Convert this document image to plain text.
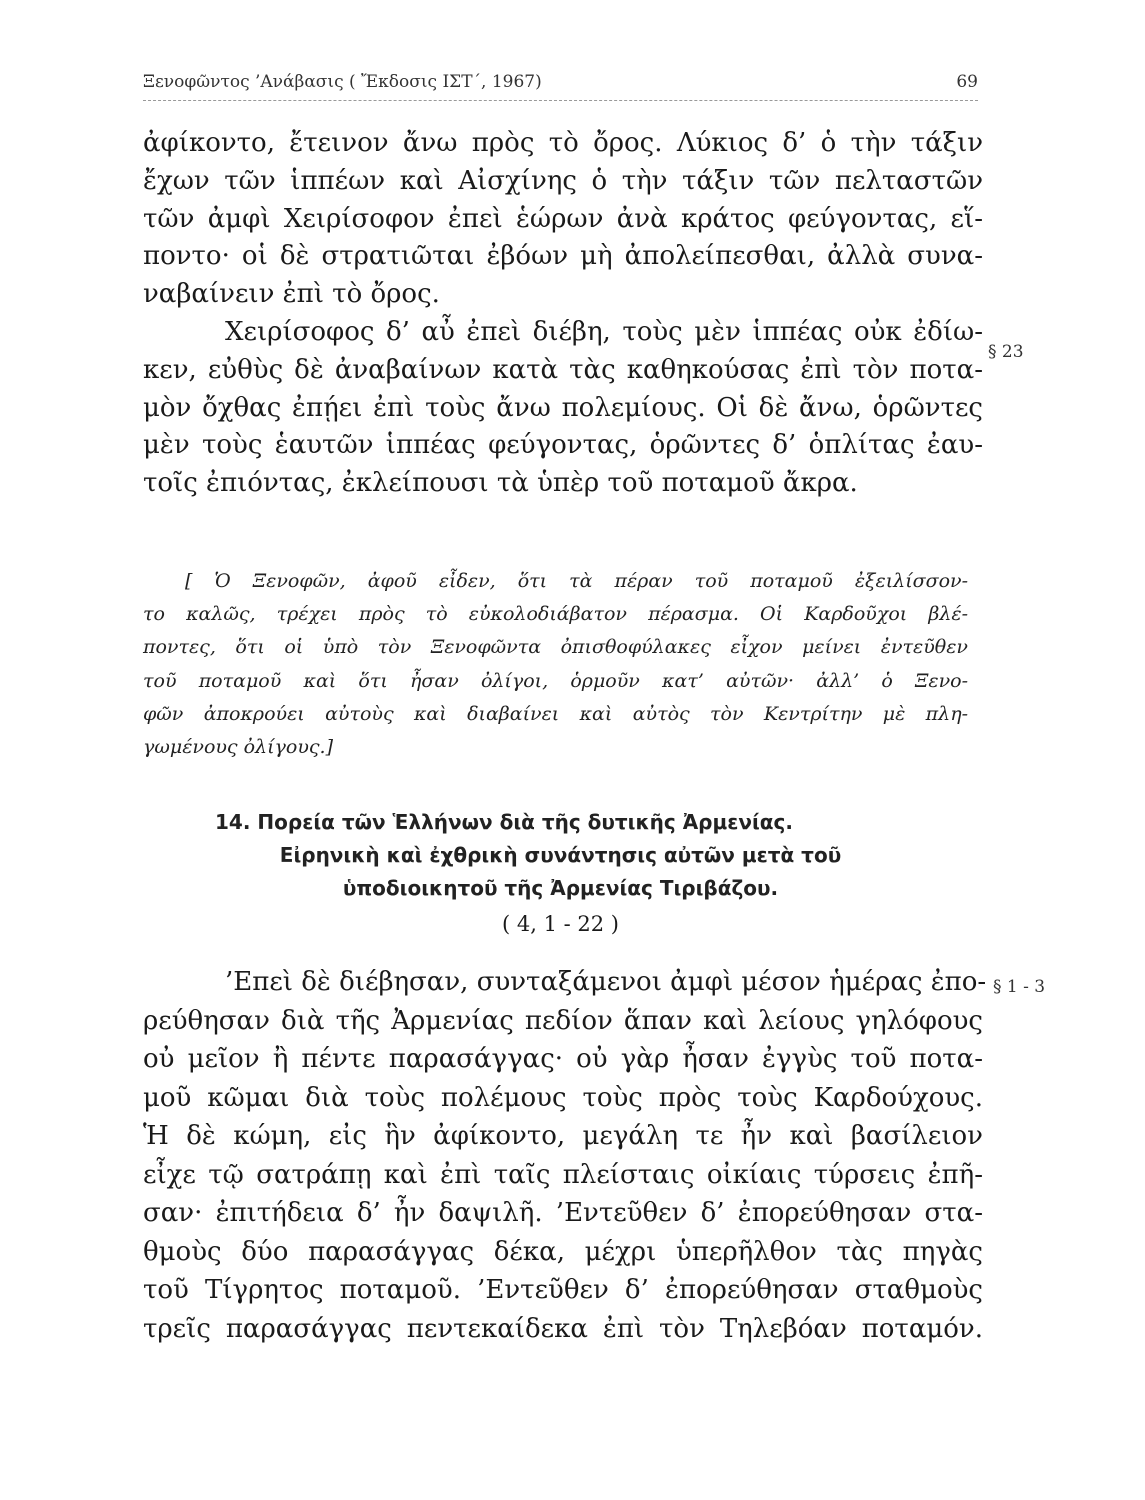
Ξενοφῶντος ’Ανάβασις ( Ἔκδοσις ΙΣΤ΄, 1967)	69

ἀφίκοντο, ἔτεινον ἄνω πρὸς τὸ ὄρος. Λύκιος δ’ ὁ τὴν τάξιν
ἔχων τῶν ἱππέων καὶ Αἰσχίνης ὁ τὴν τάξιν τῶν πελταστῶν
τῶν ἀμφὶ Χειρίσοφον ἐπεὶ ἑώρων ἀνὰ κράτος φεύγοντας, εἵ-
ποντο· οἱ δὲ στρατιῶται ἐβόων μὴ ἀπολείπεσθαι, ἀλλὰ συνα-
ναβαίνειν ἐπὶ τὸ ὄρος.

Χειρίσοφος δ’ αὖ ἐπεὶ διέβη, τοὺς μὲν ἱππέας οὐκ ἐδίω-
κεν, εὐθὺς δὲ ἀναβαίνων κατὰ τὰς καθηκούσας ἐπὶ τὸν ποτα-
μὸν ὄχθας ἐπῄει ἐπὶ τοὺς ἄνω πολεμίους. Οἱ δὲ ἄνω, ὁρῶντες
μὲν τοὺς ἑαυτῶν ἱππέας φεύγοντας, ὁρῶντες δ’ ὁπλίτας ἐαυ-
τοῖς ἐπιόντας, ἐκλείπουσι τὰ ὑπὲρ τοῦ ποταμοῦ ἄκρα.

§ 23
[ Ὁ Ξενοφῶν, ἀφοῦ εἶδεν, ὅτι τὰ πέραν τοῦ ποταμοῦ ἐξειλίσσον-
το καλῶς, τρέχει πρὸς τὸ εὐκολοδιάβατον πέρασμα. Οἱ Καρδοῦχοι βλέ-
ποντες, ὅτι οἱ ὑπὸ τὸν Ξενοφῶντα ὀπισθοφύλακες εἶχον μείνει ἐντεῦθεν
τοῦ ποταμοῦ καὶ ὅτι ἦσαν ὀλίγοι, ὁρμοῦν κατ’ αὐτῶν· ἀλλ’ ὁ Ξενο-
φῶν ἀποκρούει αὐτοὺς καὶ διαβαίνει καὶ αὐτὸς τὸν Κεντρίτην μὲ πλη-
γωμένους ὀλίγους.]
14. Πορεία τῶν Ἑλλήνων διὰ τῆς δυτικῆς Ἀρμενίας.
Εἰρηνικὴ καὶ ἐχθρικὴ συνάντησις αὐτῶν μετὰ τοῦ
ὑποδιοικητοῦ τῆς Ἀρμενίας Τιριβάζου.
( 4, 1 - 22 )
’Επεὶ δὲ διέβησαν, συνταξάμενοι ἀμφὶ μέσον ἡμέρας ἐπο-
ρεύθησαν διὰ τῆς Ἀρμενίας πεδίον ἅπαν καὶ λείους γηλόφους
οὐ μεῖον ἢ πέντε παρασάγγας· οὐ γὰρ ἦσαν ἐγγὺς τοῦ ποτα-
μοῦ κῶμαι διὰ τοὺς πολέμους τοὺς πρὸς τοὺς Καρδούχους.
Ἡ δὲ κώμη, εἰς ἣν ἀφίκοντο, μεγάλη τε ἦν καὶ βασίλειον
εἶχε τῷ σατράπῃ καὶ ἐπὶ ταῖς πλείσταις οἰκίαις τύρσεις ἐπῆ-
σαν· ἐπιτήδεια δ’ ἦν δαψιλῆ. ’Εντεῦθεν δ’ ἐπορεύθησαν στα-
θμοὺς δύο παρασάγγας δέκα, μέχρι ὑπερῆλθον τὰς πηγὰς
τοῦ Τίγρητος ποταμοῦ. ’Εντεῦθεν δ’ ἐπορεύθησαν σταθμοὺς
τρεῖς παρασάγγας πεντεκαίδεκα ἐπὶ τὸν Τηλεβόαν ποταμόν.
§ 1 - 3
